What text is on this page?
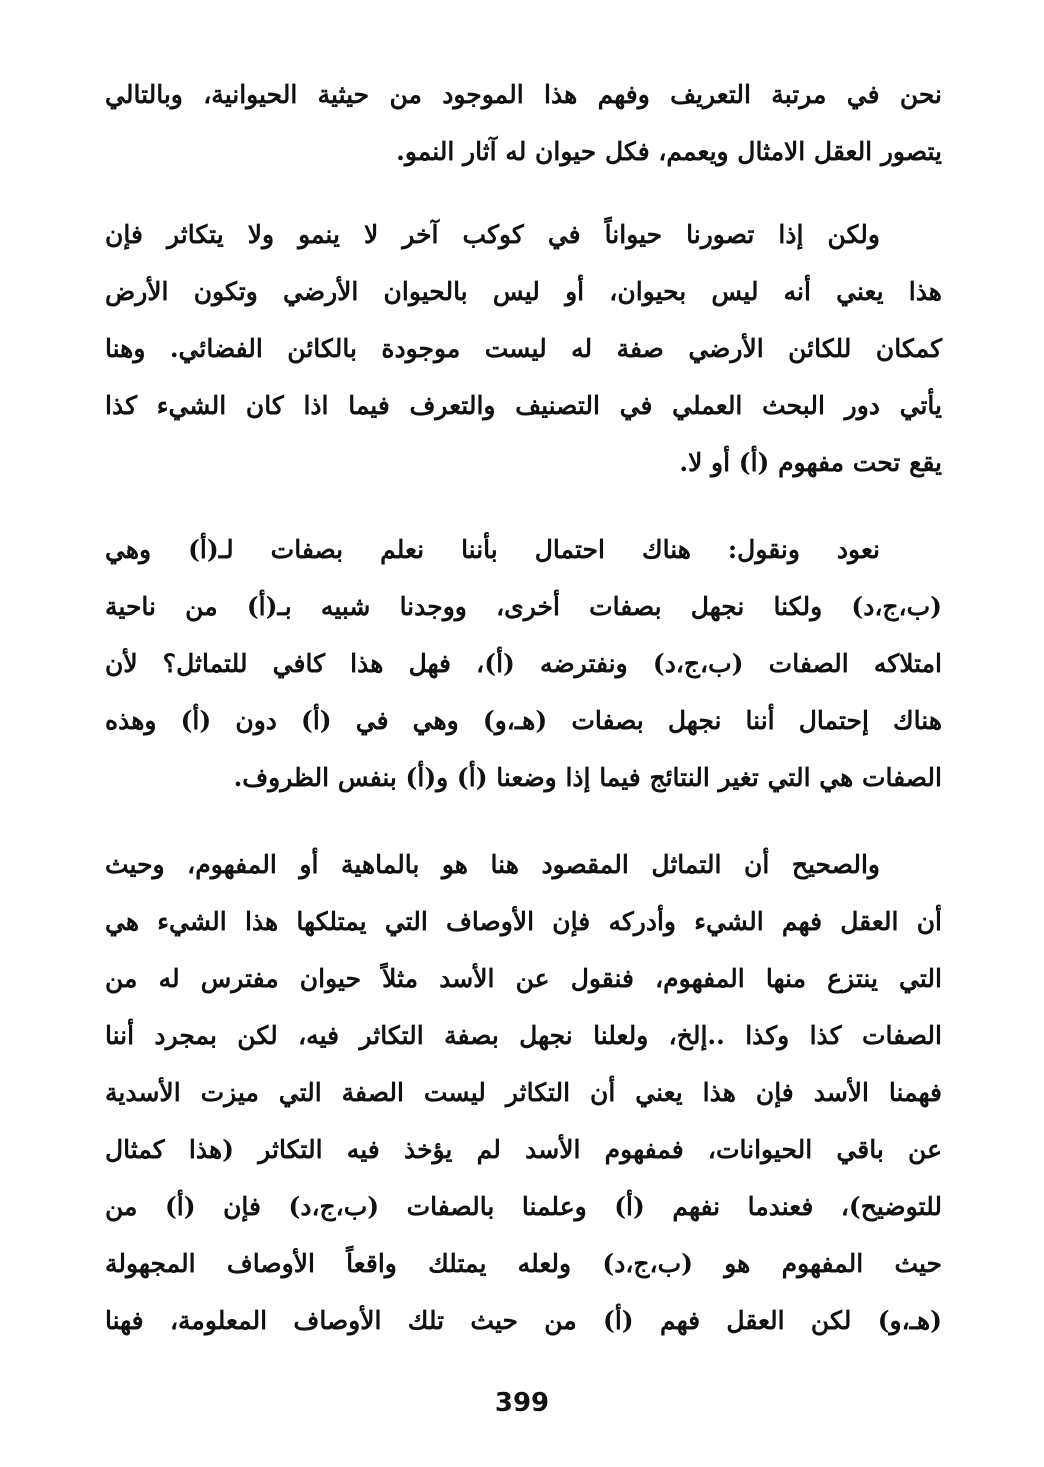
نحن في مرتبة التعريف وفهم هذا الموجود من حيثية الحيوانية، وبالتالي
يتصور العقل الامثال ويعمم، فكل حيوان له آثار النمو.
ولكن إذا تصورنا حيواناً في كوكب آخر لا ينمو ولا يتكاثر فإن
هذا يعني أنه ليس بحيوان، أو ليس بالحيوان الأرضي وتكون الأرض
كمكان للكائن الأرضي صفة له ليست موجودة بالكائن الفضائي. وهنا
يأتي دور البحث العملي في التصنيف والتعرف فيما اذا كان الشيء كذا
يقع تحت مفهوم (أ) أو لا.
نعود ونقول: هناك احتمال بأننا نعلم بصفات لـ(أ) وهي
(ب،ج،د) ولكنا نجهل بصفات أخرى، ووجدنا شبيه بـ(أ) من ناحية
امتلاكه الصفات (ب،ج،د) ونفترضه (أ)، فهل هذا كافي للتماثل؟ لأن
هناك إحتمال أننا نجهل بصفات (هـ،و) وهي في (أ) دون (أ) وهذه
الصفات هي التي تغير النتائج فيما إذا وضعنا (أ) و(أ) بنفس الظروف.
والصحيح أن التماثل المقصود هنا هو بالماهية أو المفهوم، وحيث
أن العقل فهم الشيء وأدركه فإن الأوصاف التي يمتلكها هذا الشيء هي
التي ينتزع منها المفهوم، فنقول عن الأسد مثلاً حيوان مفترس له من
الصفات كذا وكذا ..إلخ، ولعلنا نجهل بصفة التكاثر فيه، لكن بمجرد أننا
فهمنا الأسد فإن هذا يعني أن التكاثر ليست الصفة التي ميزت الأسدية
عن باقي الحيوانات، فمفهوم الأسد لم يؤخذ فيه التكاثر (هذا كمثال
للتوضيح)، فعندما نفهم (أ) وعلمنا بالصفات (ب،ج،د) فإن (أ) من
حيث المفهوم هو (ب،ج،د) ولعله يمتلك واقعاً الأوصاف المجهولة
(هـ،و) لكن العقل فهم (أ) من حيث تلك الأوصاف المعلومة، فهنا
399
